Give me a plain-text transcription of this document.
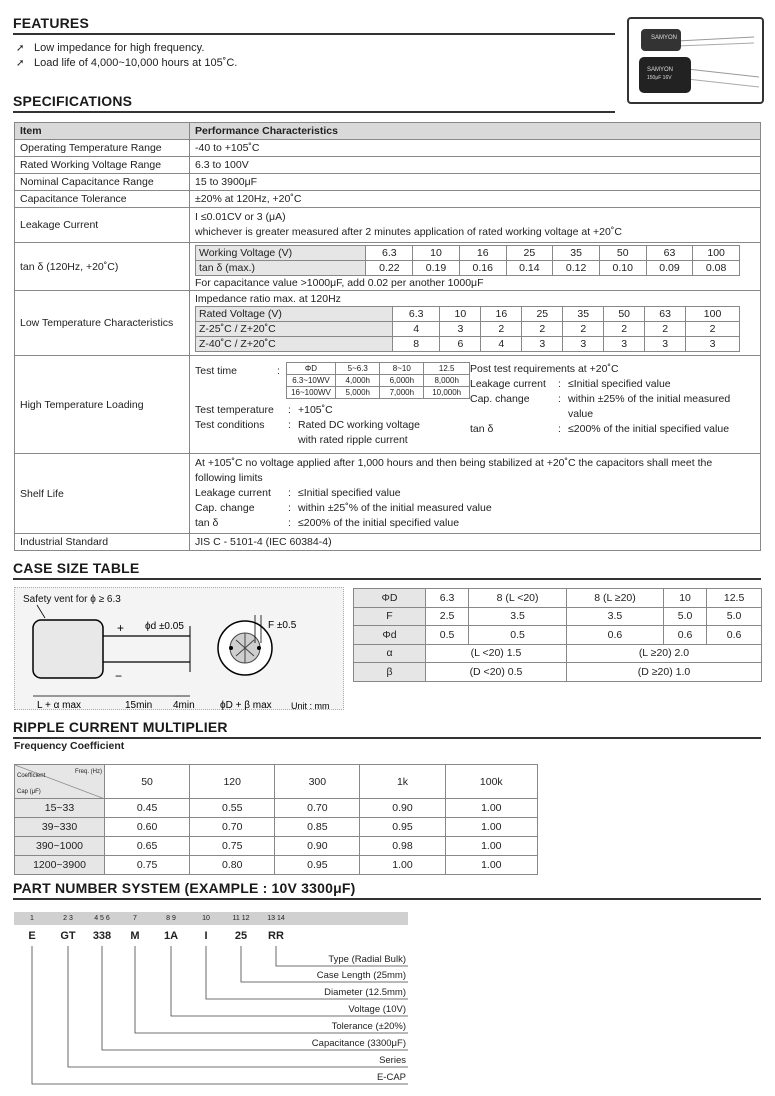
FEATURES
➚ Low impedance for high frequency.
➚ Load life of 4,000~10,000 hours at 105˚C.
SAMYON
SAMYON
150μF 16V
SPECIFICATIONS
Item	Performance Characteristics
Operating Temperature Range	-40 to +105˚C
Rated Working Voltage Range	6.3 to 100V
Nominal Capacitance Range	15 to 3900μF
Capacitance Tolerance	±20% at 120Hz, +20˚C
Leakage Current	
I ≤0.01CV or 3 (μA)
whichever is greater measured after 2 minutes application of rated working voltage at +20˚C

tan δ (120Hz, +20˚C)	
Working Voltage (V)	6.3	10	16	25	35	50	63	100
tan δ (max.)	0.22	0.19	0.16	0.14	0.12	0.10	0.09	0.08
For capacitance value >1000μF, add 0.02 per another 1000μF

Low Temperature Characteristics	
Impedance ratio max. at 120Hz
Rated Voltage (V)	6.3	10	16	25	35	50	63	100
Z-25˚C / Z+20˚C	4	3	2	2	2	2	2	2
Z-40˚C / Z+20˚C	8	6	4	3	3	3	3	3

High Temperature Loading	
Test time	:	ΦD	5~6.3	8~10	12.5
6.3~10WV	4,000h	6,000h	8,000h
16~100WV	5,000h	7,000h	10,000h
Test temperature	: +105˚C
Test conditions	: Rated DC working voltage
with rated ripple current
Post test requirements at +20˚C
Leakage current	: ≤Initial specified value
Cap. change	: within ±25% of the initial measured value
tan δ	: ≤200% of the initial specified value

Shelf Life	
At +105˚C no voltage applied after 1,000 hours and then being stabilized at +20˚C the capacitors shall meet the following limits
Leakage current	: ≤Initial specified value
Cap. change	: within ±25˚% of the initial measured value
tan δ	: ≤200% of the initial specified value

Industrial Standard	JIS C - 5101-4 (IEC 60384-4)
CASE SIZE TABLE
Safety vent for ϕ ≥ 6.3
+
−
ϕd ±0.05	F ±0.5
L + α max	15min 4min	ϕD + β max Unit : mm
ΦD	6.3	8 (L <20)	8 (L ≥20)	10	12.5
F	2.5	3.5	3.5	5.0	5.0
Φd	0.5	0.5	0.6	0.6	0.6
α	(L <20) 1.5		(L ≥20) 2.0		
β	(D <20) 0.5		(D ≥20) 1.0		
RIPPLE CURRENT MULTIPLIER
Frequency Coefficient
Coefficient
Freq. (Hz)
Cap (μF)	50	120	300	1k	100k
15~33	0.45	0.55	0.70	0.90	1.00
39~330	0.60	0.70	0.85	0.95	1.00
390~1000	0.65	0.75	0.90	0.98	1.00
1200~3900	0.75	0.80	0.95	1.00	1.00
PART NUMBER SYSTEM (EXAMPLE : 10V 3300μF)
1	2 3	4 5 6	7	8 9	10	11 12	13 14
E	GT	338	M	1A	I	25	RR
Type (Radial Bulk)
Case Length (25mm)
Diameter (12.5mm)
Voltage (10V)
Tolerance (±20%)
Capacitance (3300μF)
Series
E-CAP
